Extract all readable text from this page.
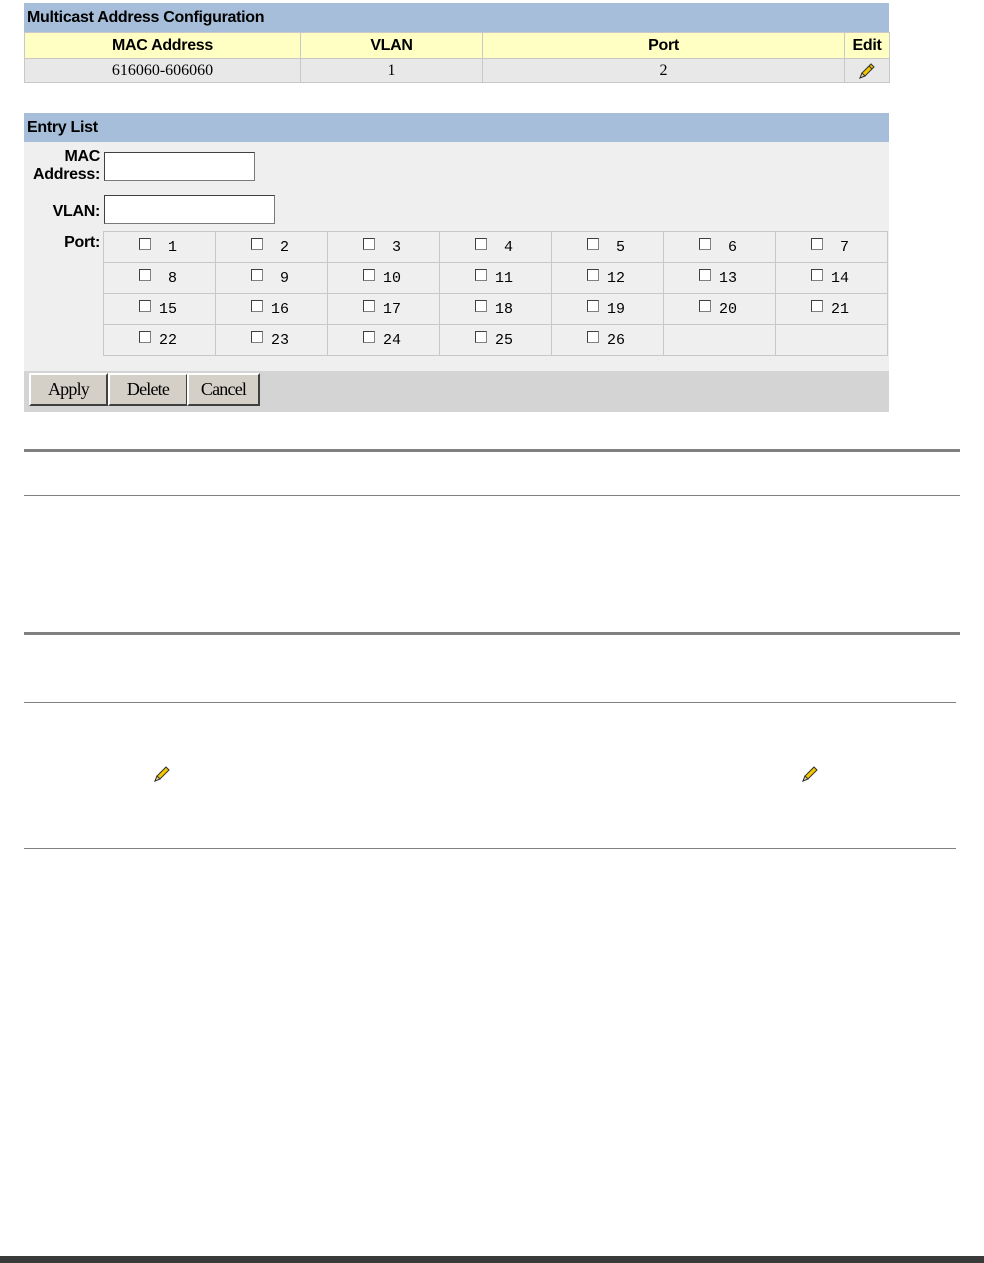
Multicast Address Configuration
MAC Address	VLAN	Port	Edit
616060-606060	1	2	
Entry List
MAC
Address:
VLAN:
Port:	1	2	3	4	5	6	7
8	9	10	11	12	13	14
15	16	17	18	19	20	21
22	23	24	25	26		
Apply	Delete	Cancel
